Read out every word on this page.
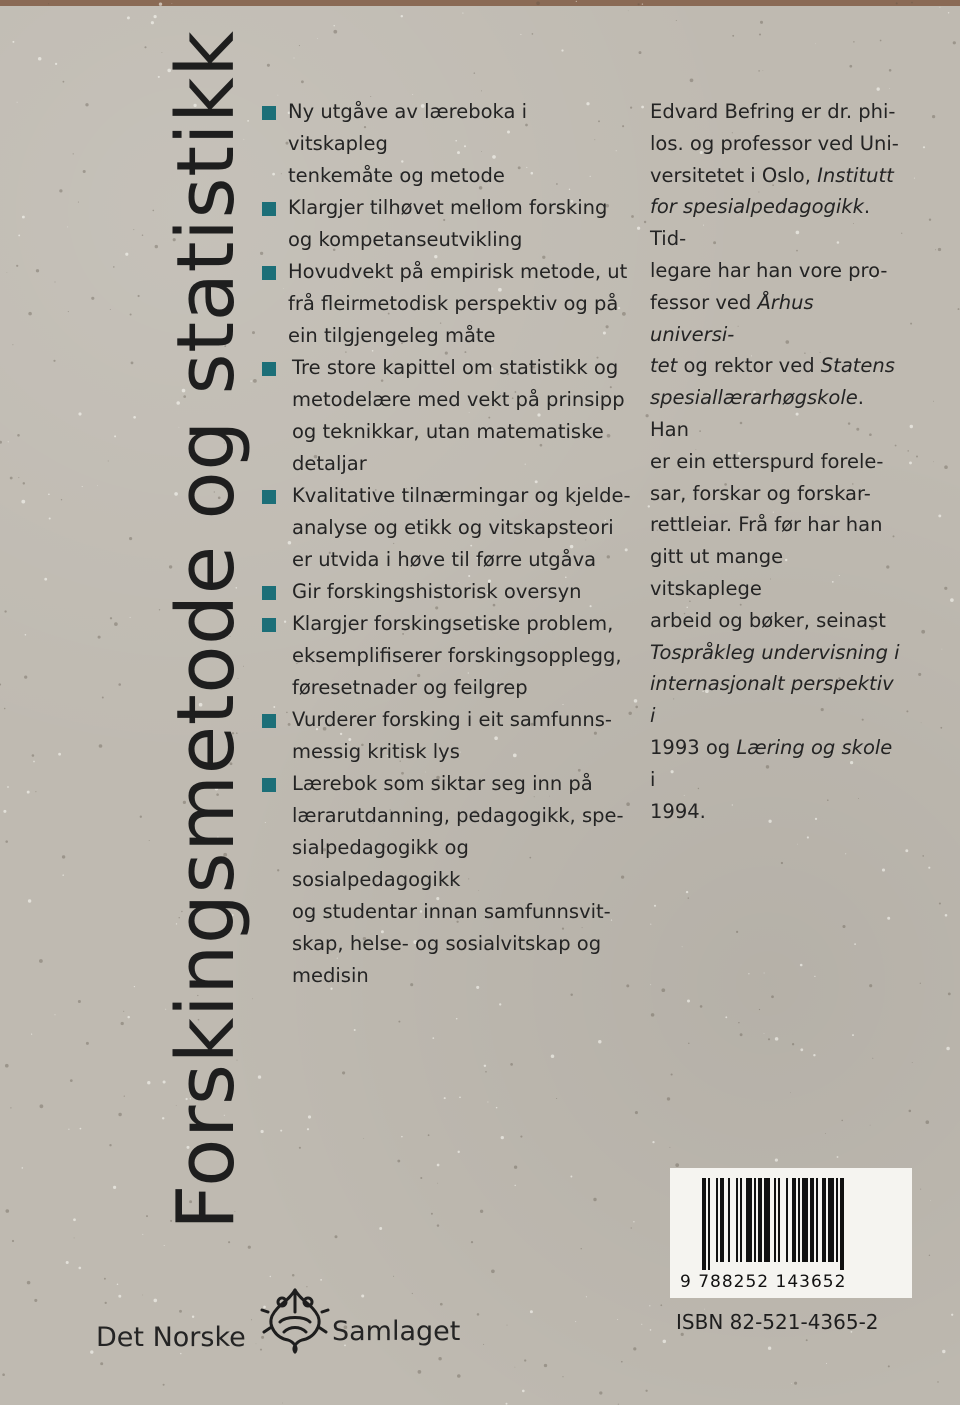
Forskingsmetode og statistikk	Ny utgåve av læreboka i vitskapleg
tenkemåte og metode
Klargjer tilhøvet mellom forsking
og kompetanseutvikling
Hovudvekt på empirisk metode, ut
frå fleirmetodisk perspektiv og på
ein tilgjengeleg måte
Tre store kapittel om statistikk og
metodelære med vekt på prinsipp
og teknikkar, utan matematiske
detaljar
Kvalitative tilnærmingar og kjelde-
analyse og etikk og vitskapsteori
er utvida i høve til førre utgåva
Gir forskingshistorisk oversyn
Klargjer forskingsetiske problem,
eksemplifiserer forskingsopplegg,
føresetnader og feilgrep
Vurderer forsking i eit samfunns-
messig kritisk lys
Lærebok som siktar seg inn på
lærarutdanning, pedagogikk, spe-
sialpedagogikk og sosialpedagogikk
og studentar innan samfunnsvit-
skap, helse- og sosialvitskap og
medisin

Edvard Befring er dr. phi-

los. og professor ved Uni-

versitetet i Oslo, Institutt

for spesialpedagogikk. Tid-

legare har han vore pro-

fessor ved Århus universi-

tet og rektor ved Statens

spesiallærarhøgskole. Han

er ein etterspurd forele-

sar, forskar og forskar-

rettleiar. Frå før har han

gitt ut mange vitskaplege

arbeid og bøker, seinast

Tospråkleg undervisning i

internasjonalt perspektiv i

1993 og Læring og skole i

1994.

9 788252 143652
ISBN 82-521-4365-2
Det Norske	Samlaget
